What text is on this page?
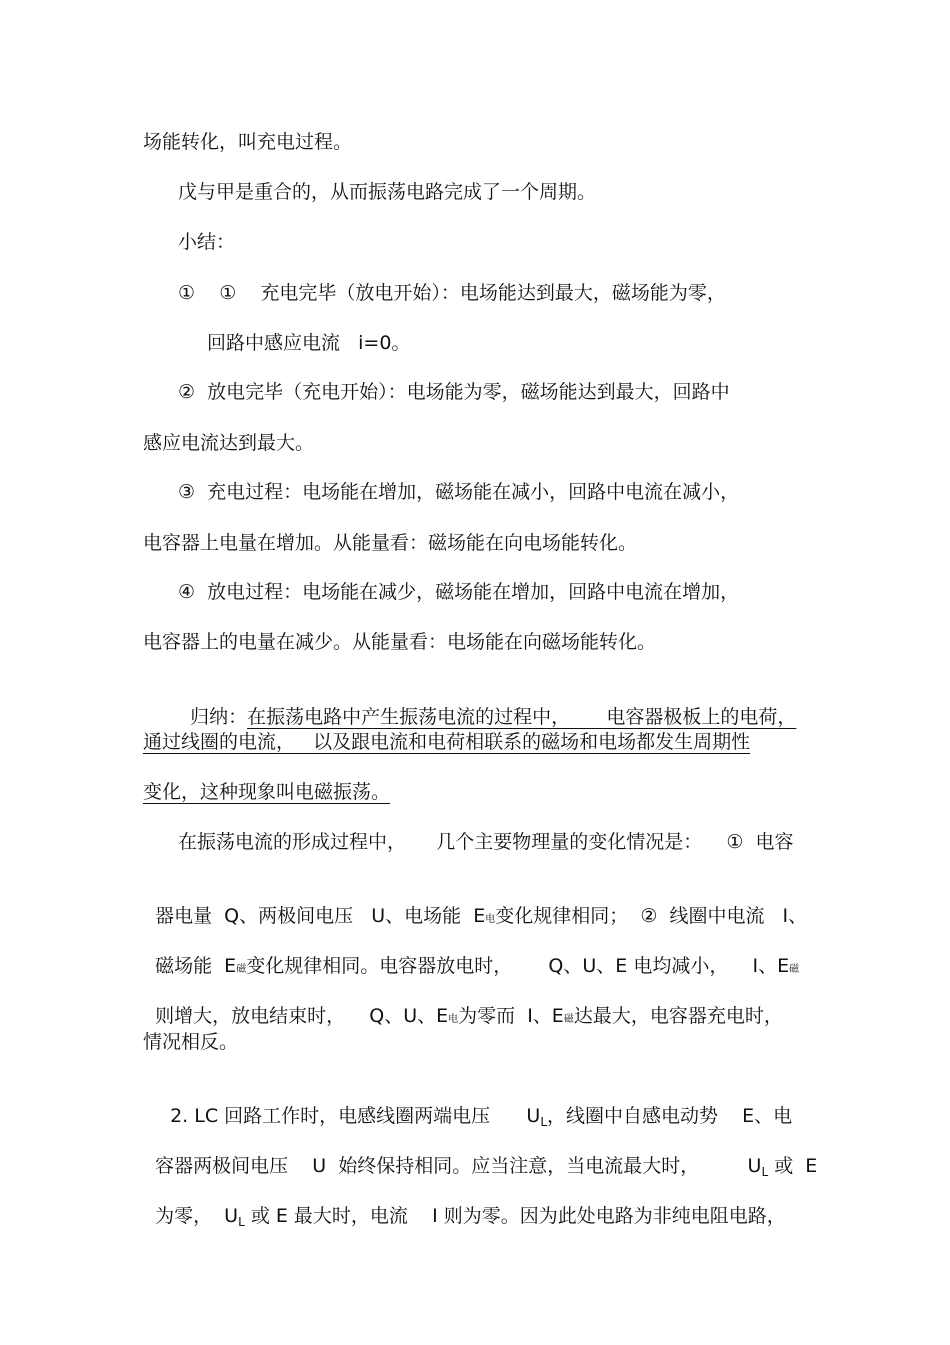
场能转化，叫充电过程。
戊与甲是重合的，从而振荡电路完成了一个周期。
小结：
①    ①    充电完毕（放电开始）：电场能达到最大，磁场能为零，
回路中感应电流   i=0。
②  放电完毕（充电开始）：电场能为零，磁场能达到最大，回路中
感应电流达到最大。
③  充电过程：电场能在增加，磁场能在减小，回路中电流在减小，
电容器上电量在增加。从能量看：磁场能在向电场能转化。
④  放电过程：电场能在减少，磁场能在增加，回路中电流在增加，
电容器上的电量在减少。从能量看：电场能在向磁场能转化。

归纳：在振荡电路中产生振荡电流的过程中，      电容器极板上的电荷，

通过线圈的电流，   以及跟电流和电荷相联系的磁场和电场都发生周期性
变化，这种现象叫电磁振荡。
在振荡电流的形成过程中，     几个主要物理量的变化情况是：    ①  电容

器电量  Q、两极间电压   U、电场能  E电变化规律相同；  ②  线圈中电流   I、

磁场能  E磁变化规律相同。电容器放电时，      Q、U、E 电均减小，    I、E磁

则增大，放电结束时，    Q、U、E电为零而  I、E磁达最大，电容器充电时，

情况相反。

2. LC 回路工作时，电感线圈两端电压      $U_L$，线圈中自感电动势    E、电

容器两极间电压    U  始终保持相同。应当注意，当电流最大时，        $U_L$ 或  E

为零，  $U_L$ 或 E 最大时，电流    I 则为零。因为此处电路为非纯电阻电路，
